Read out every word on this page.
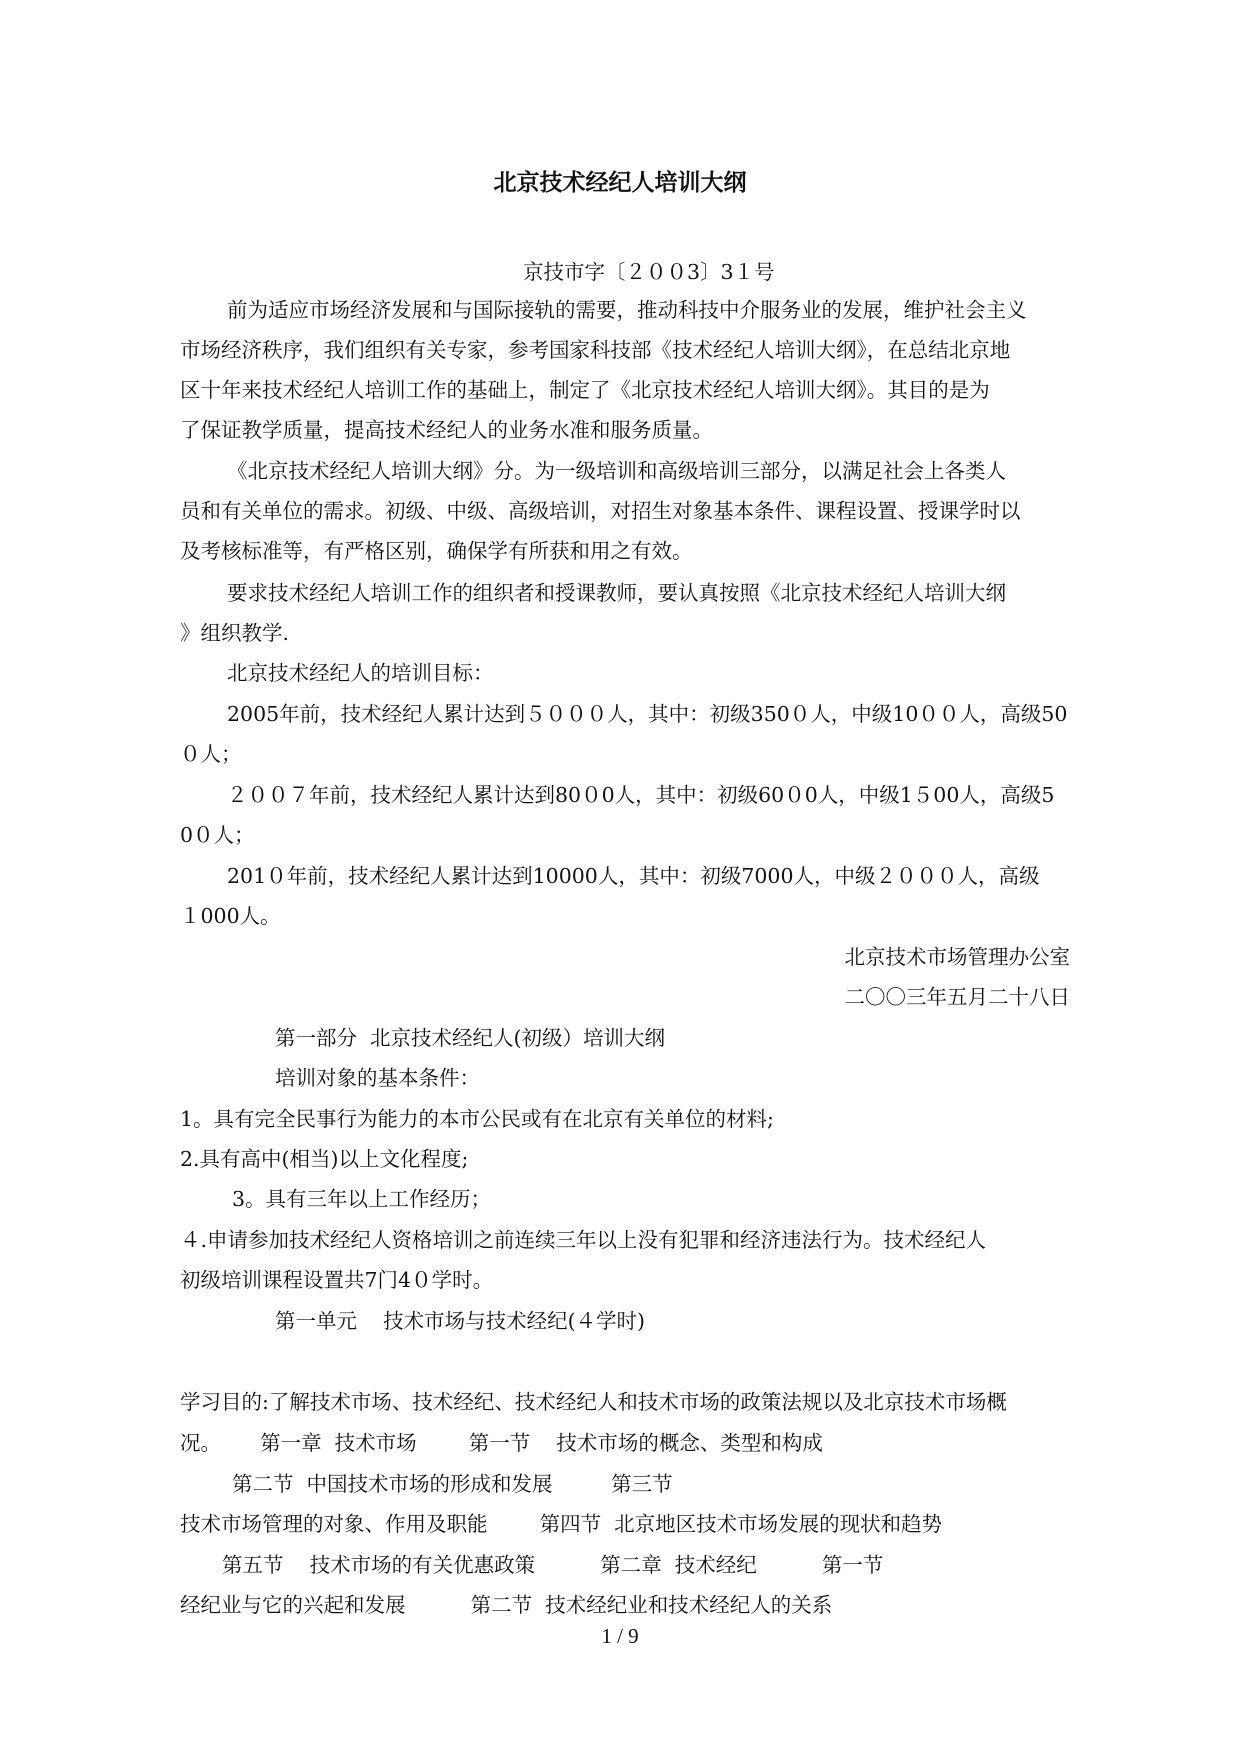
北京技术经纪人培训大纲
京技市字〔２００3〕3１号
前为适应市场经济发展和与国际接轨的需要，推动科技中介服务业的发展，维护社会主义
市场经济秩序，我们组织有关专家，参考国家科技部《技术经纪人培训大纲》，在总结北京地
区十年来技术经纪人培训工作的基础上，制定了《北京技术经纪人培训大纲》。其目的是为
了保证教学质量，提高技术经纪人的业务水准和服务质量。
《北京技术经纪人培训大纲》分。为一级培训和高级培训三部分，以满足社会上各类人
员和有关单位的需求。初级、中级、高级培训，对招生对象基本条件、课程设置、授课学时以
及考核标准等，有严格区别，确保学有所获和用之有效。
要求技术经纪人培训工作的组织者和授课教师，要认真按照《北京技术经纪人培训大纲
》组织教学.
北京技术经纪人的培训目标：
2005年前，技术经纪人累计达到５０００人，其中：初级350０人，中级10００人，高级50
０人；
２００７年前，技术经纪人累计达到80０0人，其中：初级60０0人，中级1５00人，高级5
0０人；
201０年前，技术经纪人累计达到10000人，其中：初级7000人，中级２０００人，高级
１000人。
北京技术市场管理办公室
二〇〇三年五月二十八日
第一部分  北京技术经纪人(初级）培训大纲
培训对象的基本条件：
1。具有完全民事行为能力的本市公民或有在北京有关单位的材料;
2.具有高中(相当)以上文化程度;
3。具有三年以上工作经历；
４.申请参加技术经纪人资格培训之前连续三年以上没有犯罪和经济违法行为。技术经纪人
初级培训课程设置共7门4０学时。
第一单元    技术市场与技术经纪(４学时)
学习目的:了解技术市场、技术经纪、技术经纪人和技术市场的政策法规以及北京技术市场概
况。      第一章  技术市场        第一节    技术市场的概念、类型和构成
第二节  中国技术市场的形成和发展         第三节
技术市场管理的对象、作用及职能        第四节  北京地区技术市场发展的现状和趋势
第五节    技术市场的有关优惠政策          第二章  技术经纪          第一节
经纪业与它的兴起和发展          第二节  技术经纪业和技术经纪人的关系
1 / 9
